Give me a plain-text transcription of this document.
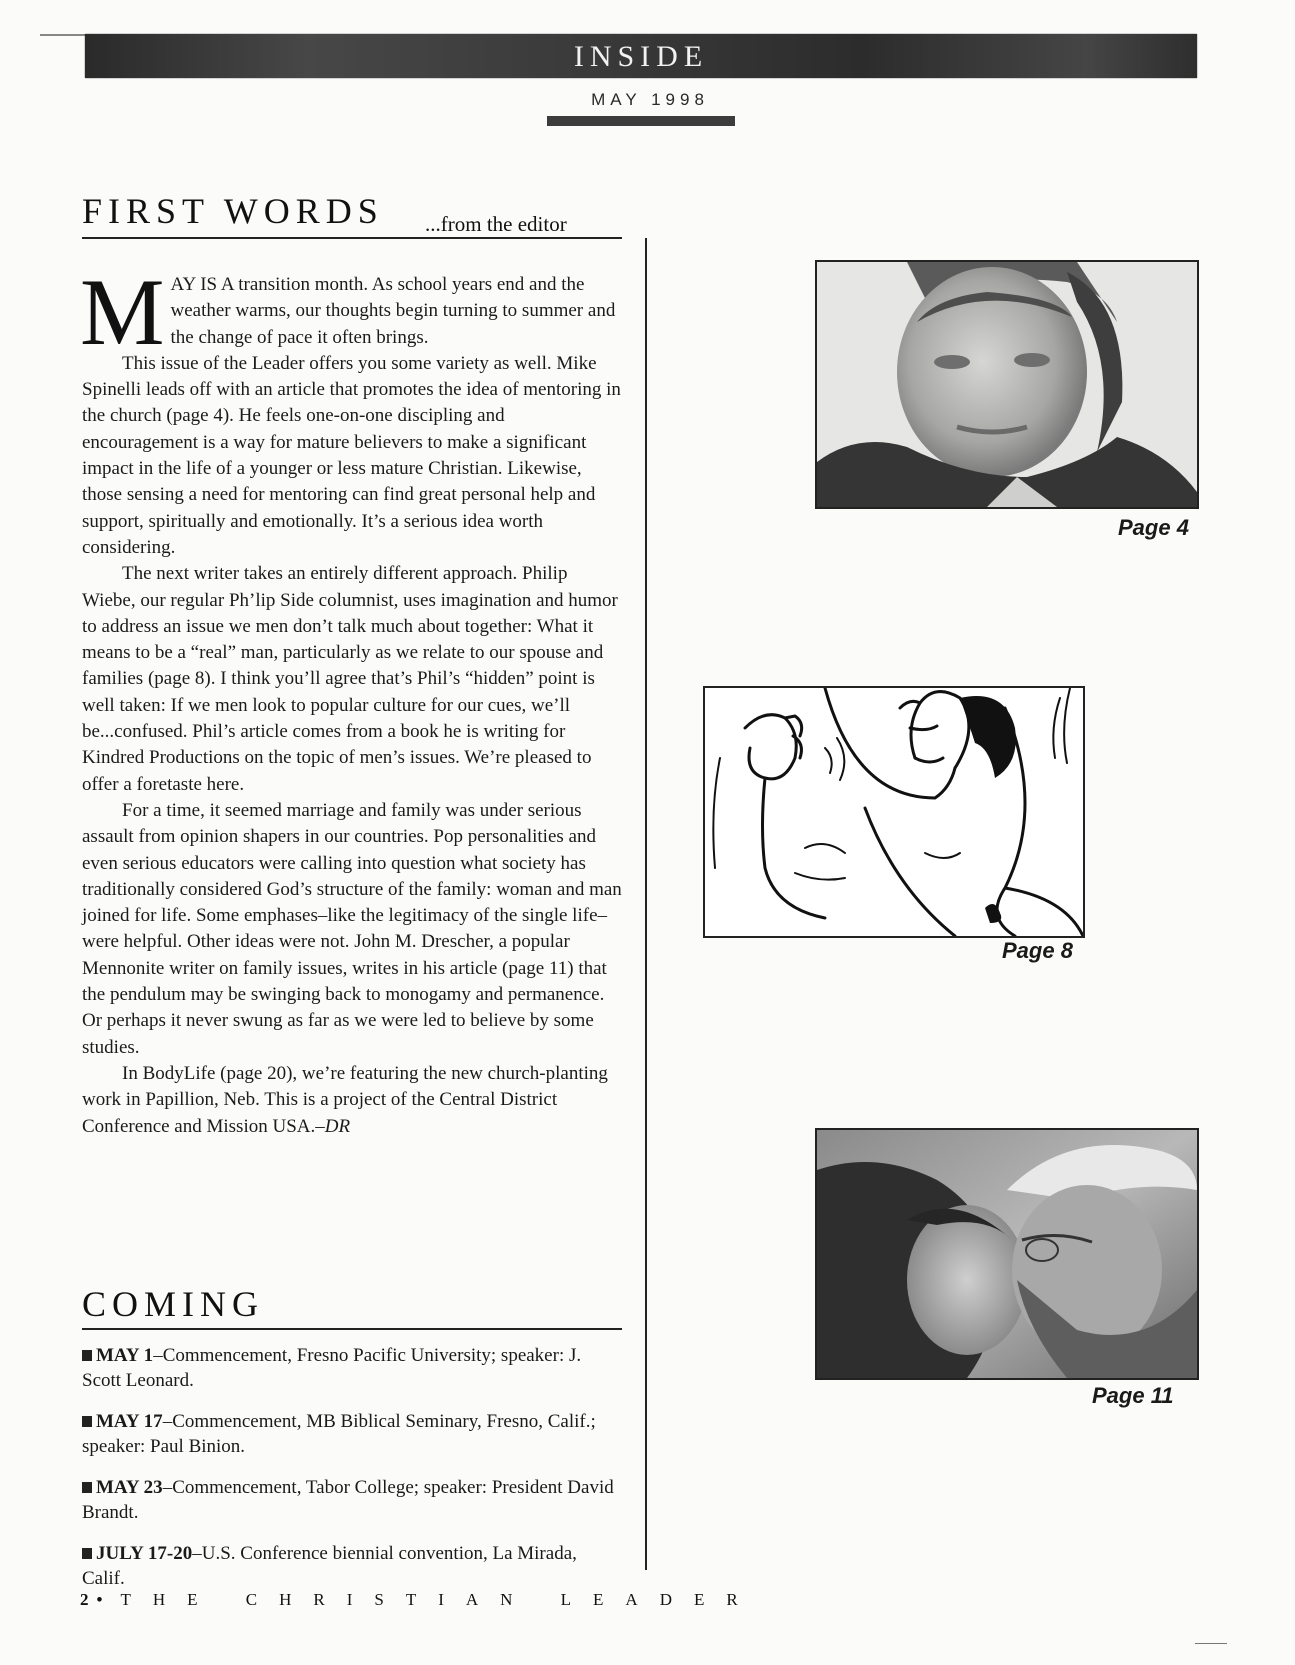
INSIDE
MAY 1998
FIRST WORDS ...from the editor

MAY IS A transition month. As school years end and the weather warms, our thoughts begin turning to summer and the change of pace it often brings.

This issue of the Leader offers you some variety as well. Mike Spinelli leads off with an article that promotes the idea of mentoring in the church (page 4). He feels one-on-one discipling and encouragement is a way for mature believers to make a significant impact in the life of a younger or less mature Christian. Likewise, those sensing a need for mentoring can find great personal help and support, spiritually and emotionally. It’s a serious idea worth considering.

The next writer takes an entirely different approach. Philip Wiebe, our regular Ph’lip Side columnist, uses imagination and humor to address an issue we men don’t talk much about together: What it means to be a “real” man, particularly as we relate to our spouse and families (page 8). I think you’ll agree that’s Phil’s “hidden” point is well taken: If we men look to popular culture for our cues, we’ll be...confused. Phil’s article comes from a book he is writing for Kindred Productions on the topic of men’s issues. We’re pleased to offer a foretaste here.

For a time, it seemed marriage and family was under serious assault from opinion shapers in our countries. Pop personalities and even serious educators were calling into question what society has traditionally considered God’s structure of the family: woman and man joined for life. Some emphases–like the legitimacy of the single life–were helpful. Other ideas were not. John M. Drescher, a popular Mennonite writer on family issues, writes in his article (page 11) that the pendulum may be swinging back to monogamy and permanence. Or perhaps it never swung as far as we were led to believe by some studies.

In BodyLife (page 20), we’re featuring the new church-planting work in Papillion, Neb. This is a project of the Central District Conference and Mission USA.–DR

COMING
MAY 1–Commencement, Fresno Pacific University; speaker: J. Scott Leonard.
MAY 17–Commencement, MB Biblical Seminary, Fresno, Calif.; speaker: Paul Binion.
MAY 23–Commencement, Tabor College; speaker: President David Brandt.
JULY 17-20–U.S. Conference biennial convention, La Mirada, Calif.
Page 4
Page 8
Page 11
2 • THE CHRISTIAN LEADER
